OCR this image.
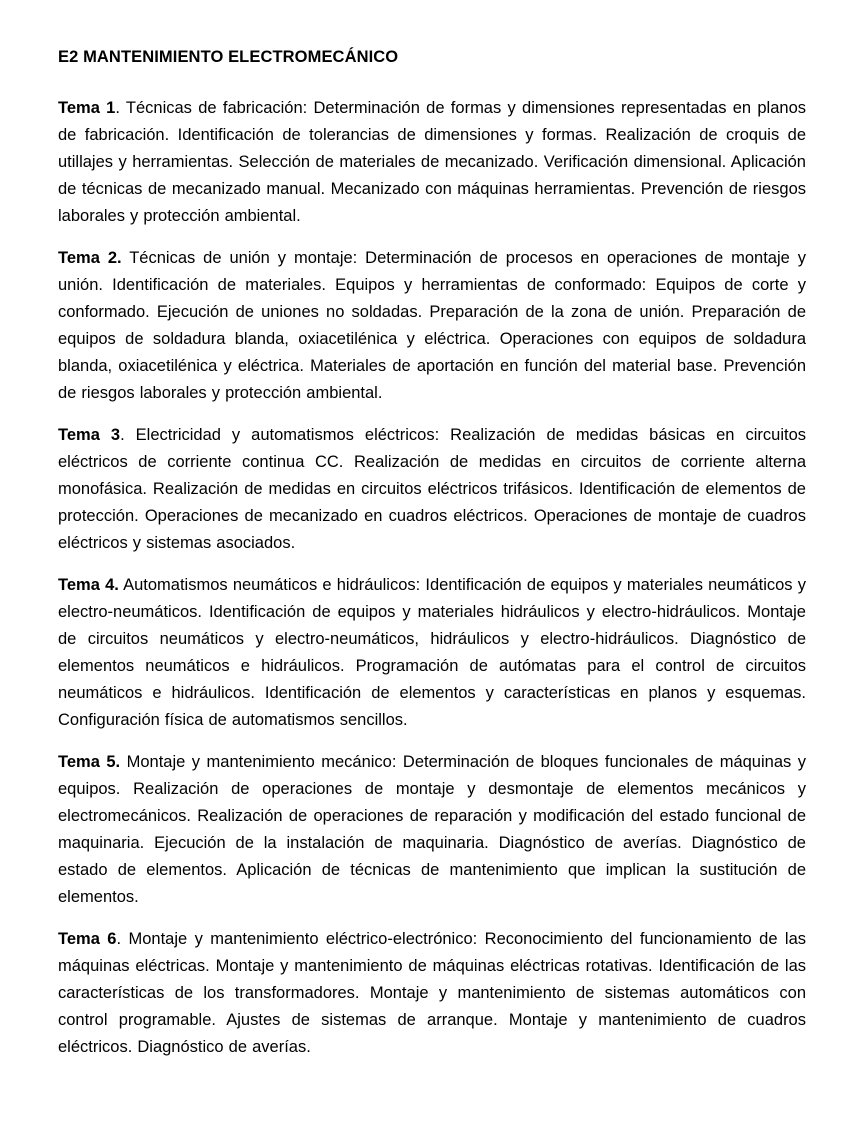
E2 MANTENIMIENTO ELECTROMECÁNICO

Tema 1. Técnicas de fabricación: Determinación de formas y dimensiones representadas en planos de fabricación. Identificación de tolerancias de dimensiones y formas. Realización de croquis de utillajes y herramientas. Selección de materiales de mecanizado. Verificación dimensional. Aplicación de técnicas de mecanizado manual. Mecanizado con máquinas herramientas. Prevención de riesgos laborales y protección ambiental.

Tema 2. Técnicas de unión y montaje: Determinación de procesos en operaciones de montaje y unión. Identificación de materiales. Equipos y herramientas de conformado: Equipos de corte y conformado. Ejecución de uniones no soldadas. Preparación de la zona de unión. Preparación de equipos de soldadura blanda, oxiacetilénica y eléctrica. Operaciones con equipos de soldadura blanda, oxiacetilénica y eléctrica. Materiales de aportación en función del material base. Prevención de riesgos laborales y protección ambiental.

Tema 3. Electricidad y automatismos eléctricos: Realización de medidas básicas en circuitos eléctricos de corriente continua CC. Realización de medidas en circuitos de corriente alterna monofásica. Realización de medidas en circuitos eléctricos trifásicos. Identificación de elementos de protección. Operaciones de mecanizado en cuadros eléctricos. Operaciones de montaje de cuadros eléctricos y sistemas asociados.

Tema 4. Automatismos neumáticos e hidráulicos: Identificación de equipos y materiales neumáticos y electro-neumáticos. Identificación de equipos y materiales hidráulicos y electro-hidráulicos. Montaje de circuitos neumáticos y electro-neumáticos, hidráulicos y electro-hidráulicos. Diagnóstico de elementos neumáticos e hidráulicos. Programación de autómatas para el control de circuitos neumáticos e hidráulicos. Identificación de elementos y características en planos y esquemas. Configuración física de automatismos sencillos.

Tema 5. Montaje y mantenimiento mecánico: Determinación de bloques funcionales de máquinas y equipos. Realización de operaciones de montaje y desmontaje de elementos mecánicos y electromecánicos. Realización de operaciones de reparación y modificación del estado funcional de maquinaria. Ejecución de la instalación de maquinaria. Diagnóstico de averías. Diagnóstico de estado de elementos. Aplicación de técnicas de mantenimiento que implican la sustitución de elementos.

Tema 6. Montaje y mantenimiento eléctrico-electrónico: Reconocimiento del funcionamiento de las máquinas eléctricas. Montaje y mantenimiento de máquinas eléctricas rotativas. Identificación de las características de los transformadores. Montaje y mantenimiento de sistemas automáticos con control programable. Ajustes de sistemas de arranque. Montaje y mantenimiento de cuadros eléctricos. Diagnóstico de averías.
